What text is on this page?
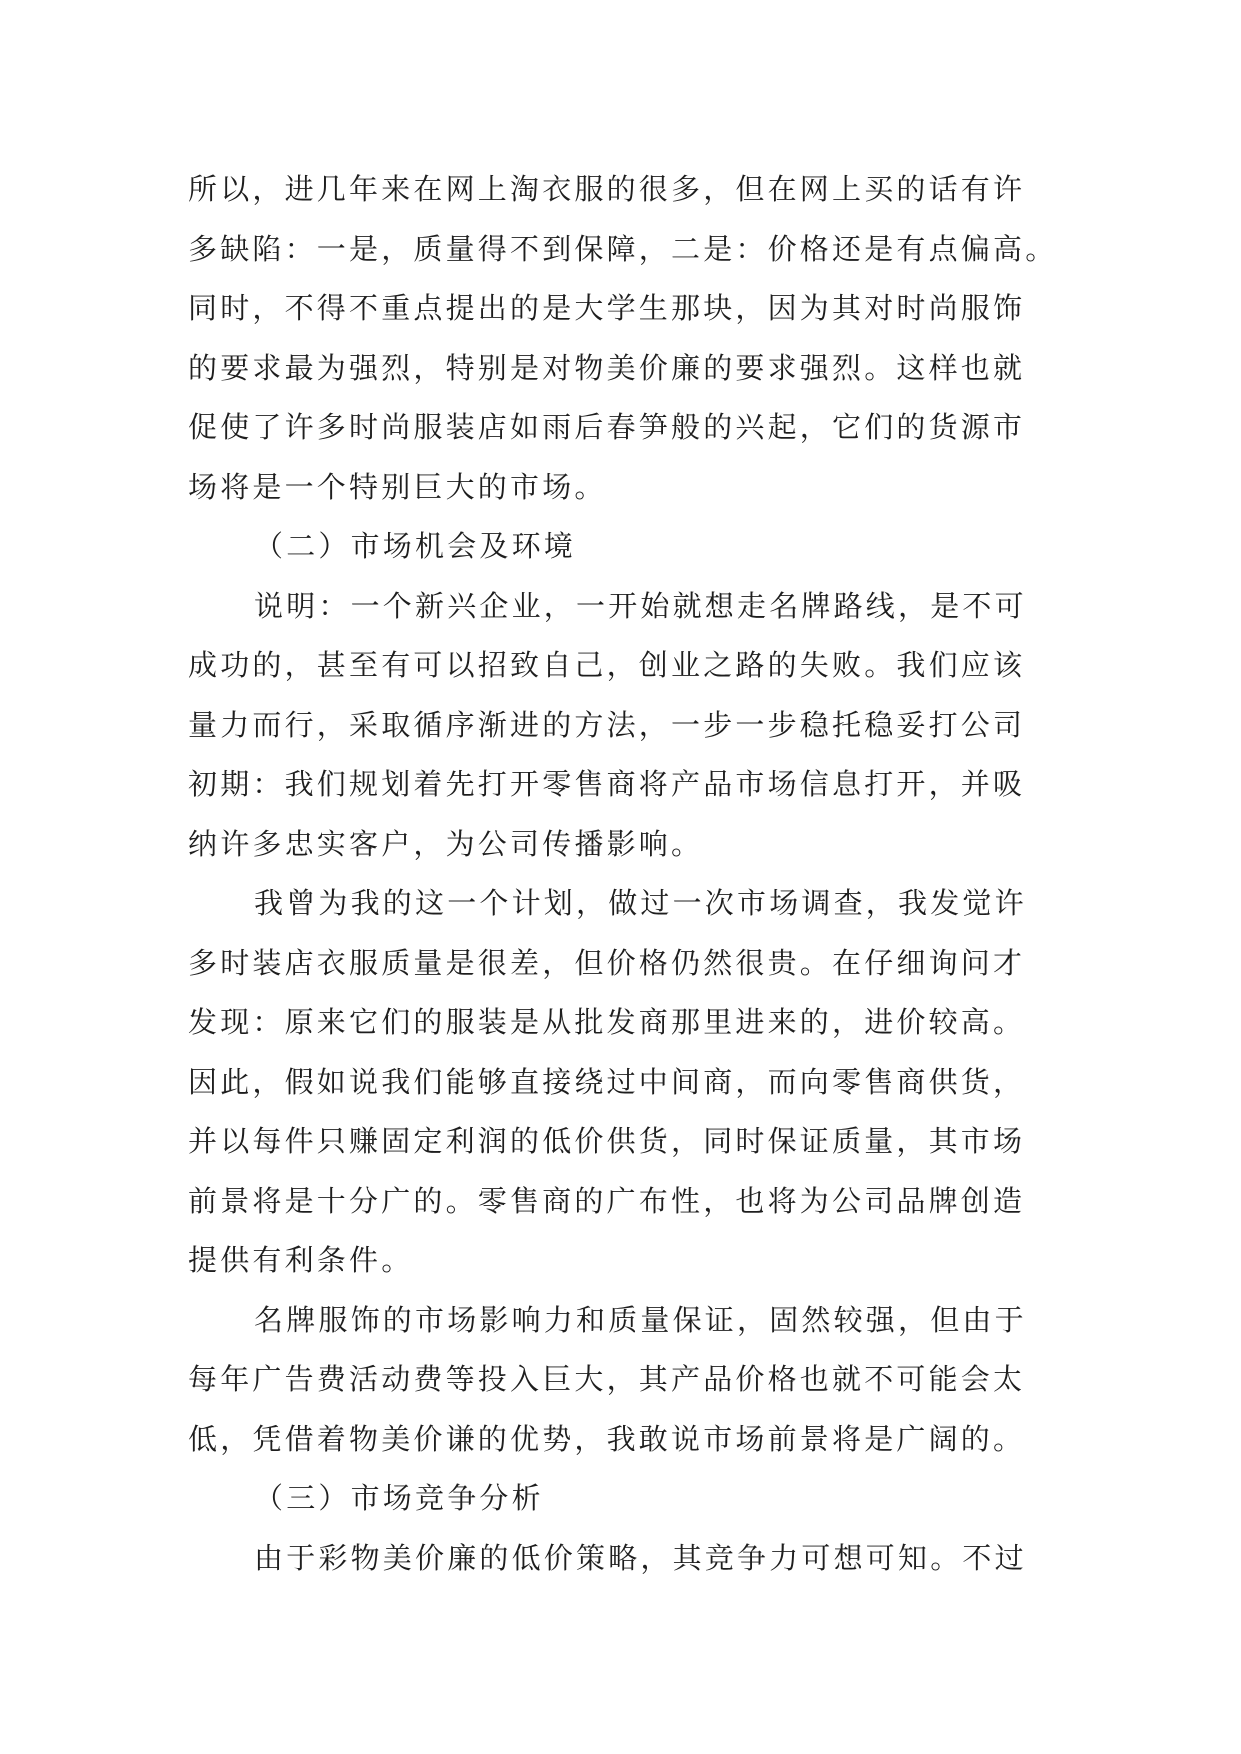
所以，进几年来在网上淘衣服的很多，但在网上买的话有许
多缺陷：一是，质量得不到保障，二是：价格还是有点偏高。
同时，不得不重点提出的是大学生那块，因为其对时尚服饰
的要求最为强烈，特别是对物美价廉的要求强烈。这样也就
促使了许多时尚服装店如雨后春笋般的兴起，它们的货源市
场将是一个特别巨大的市场。
（二）市场机会及环境
说明：一个新兴企业，一开始就想走名牌路线，是不可
成功的，甚至有可以招致自己，创业之路的失败。我们应该
量力而行，采取循序渐进的方法，一步一步稳托稳妥打公司
初期：我们规划着先打开零售商将产品市场信息打开，并吸
纳许多忠实客户，为公司传播影响。
我曾为我的这一个计划，做过一次市场调查，我发觉许
多时装店衣服质量是很差，但价格仍然很贵。在仔细询问才
发现：原来它们的服装是从批发商那里进来的，进价较高。
因此，假如说我们能够直接绕过中间商，而向零售商供货，
并以每件只赚固定利润的低价供货，同时保证质量，其市场
前景将是十分广的。零售商的广布性，也将为公司品牌创造
提供有利条件。
名牌服饰的市场影响力和质量保证，固然较强，但由于
每年广告费活动费等投入巨大，其产品价格也就不可能会太
低，凭借着物美价谦的优势，我敢说市场前景将是广阔的。
（三）市场竞争分析
由于彩物美价廉的低价策略，其竞争力可想可知。不过
